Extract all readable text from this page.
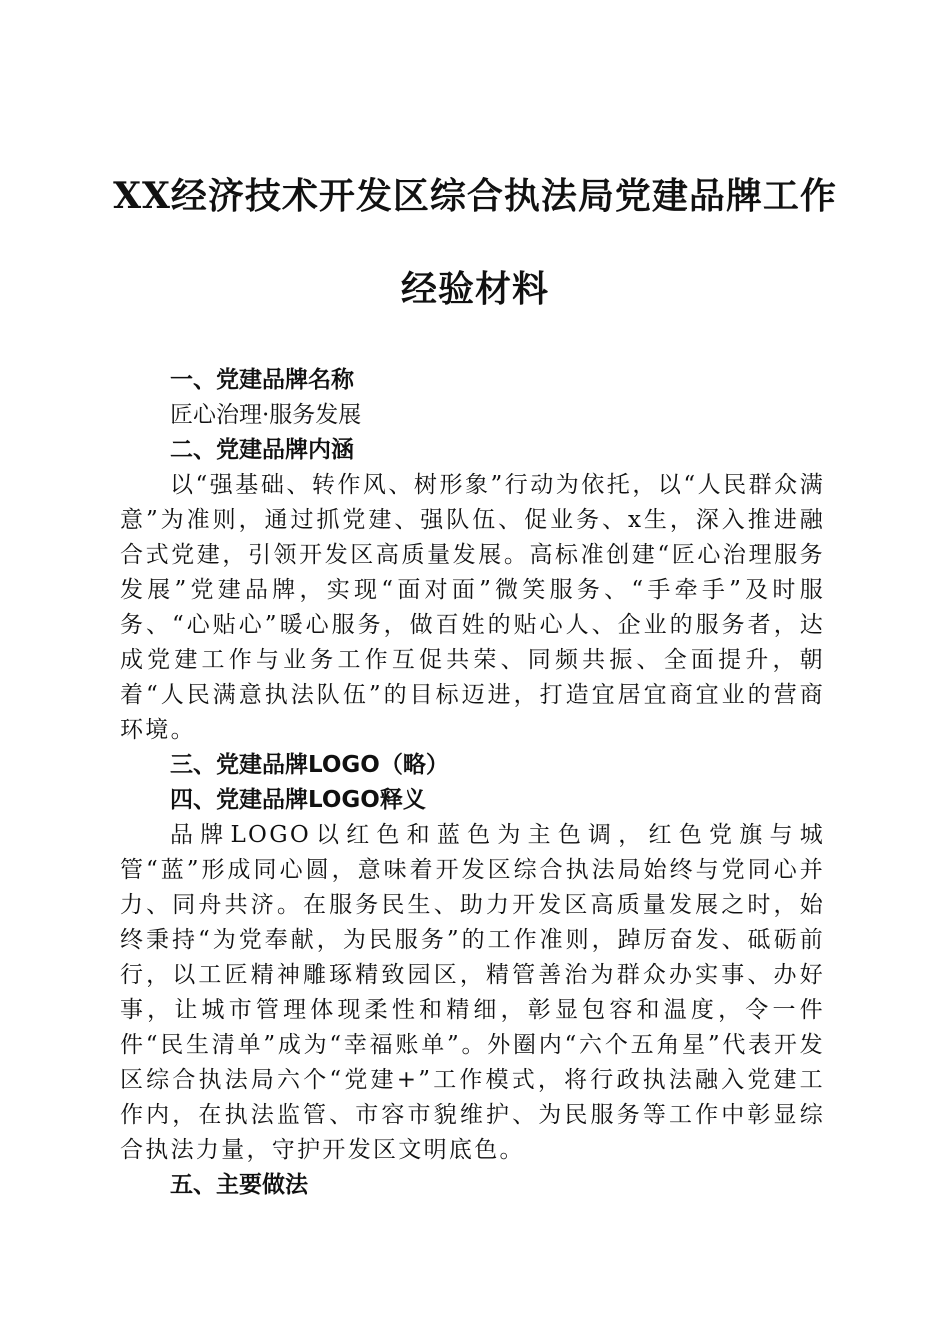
XX经济技术开发区综合执法局党建品牌工作
经验材料

一、党建品牌名称

匠心治理·服务发展

二、党建品牌内涵

以“强基础、转作风、树形象”行动为依托，以“人民群众满意”为准则，通过抓党建、强队伍、促业务、x生，深入推进融合式党建，引领开发区高质量发展。高标准创建“匠心治理服务发展”党建品牌，实现“面对面”微笑服务、“手牵手”及时服务、“心贴心”暖心服务，做百姓的贴心人、企业的服务者，达成党建工作与业务工作互促共荣、同频共振、全面提升，朝着“人民满意执法队伍”的目标迈进，打造宜居宜商宜业的营商环境。

三、党建品牌LOGO（略）

四、党建品牌LOGO释义

品牌LOGO以红色和蓝色为主色调，红色党旗与城管“蓝”形成同心圆，意味着开发区综合执法局始终与党同心并力、同舟共济。在服务民生、助力开发区高质量发展之时，始终秉持“为党奉献，为民服务”的工作准则，踔厉奋发、砥砺前行，以工匠精神雕琢精致园区，精管善治为群众办实事、办好事，让城市管理体现柔性和精细，彰显包容和温度，令一件件“民生清单”成为“幸福账单”。外圈内“六个五角星”代表开发区综合执法局六个“党建+”工作模式，将行政执法融入党建工作内，在执法监管、市容市貌维护、为民服务等工作中彰显综合执法力量，守护开发区文明底色。

五、主要做法
